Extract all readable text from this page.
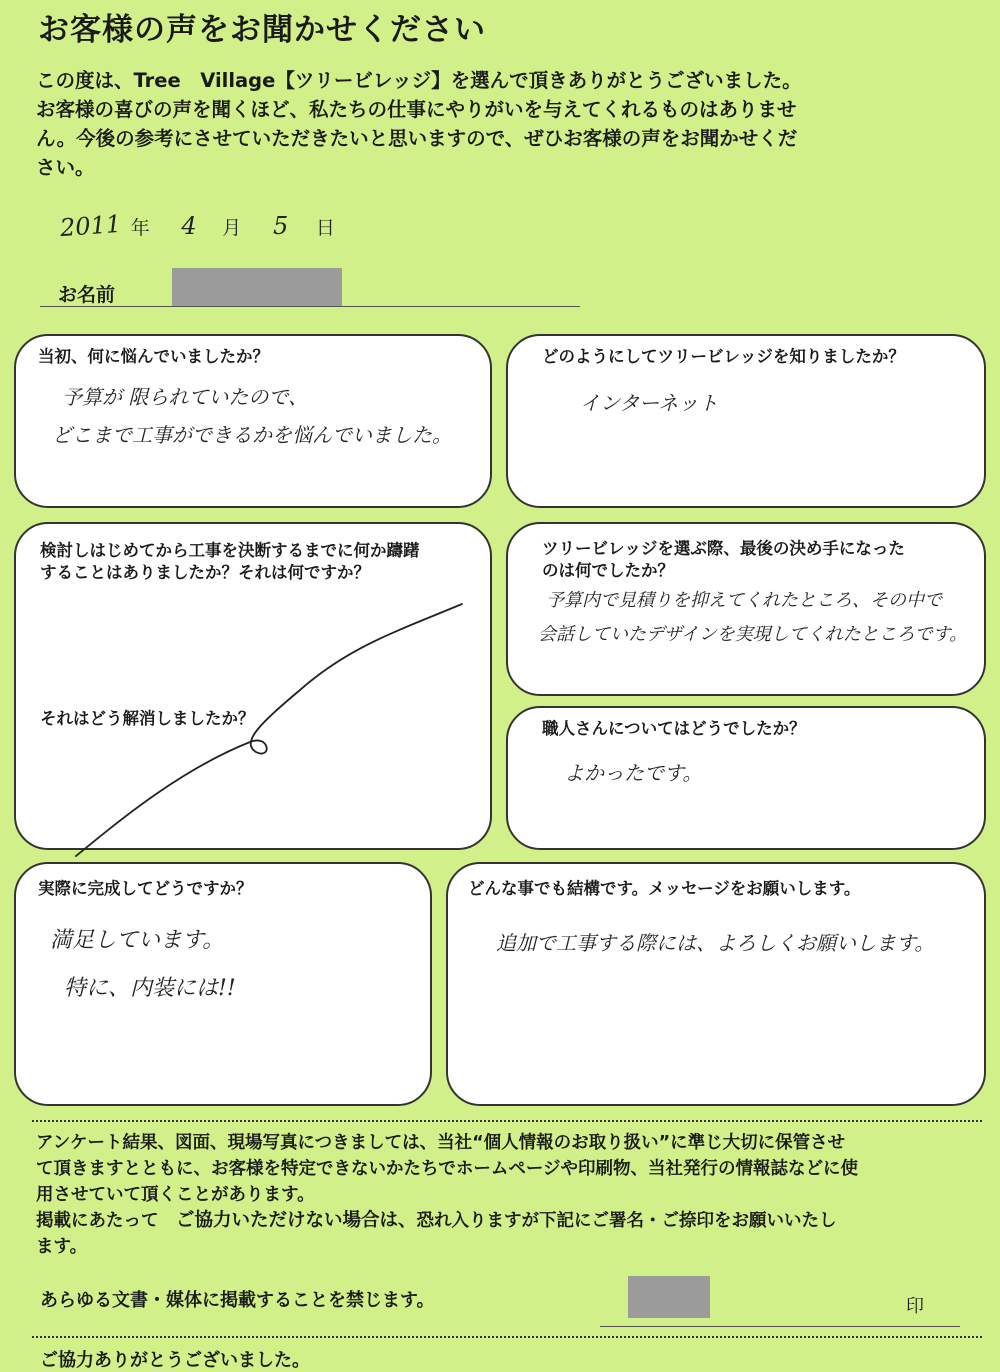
お客様の声をお聞かせください

この度は、Tree　Village【ツリービレッジ】を選んで頂きありがとうございました。

お客様の喜びの声を聞くほど、私たちの仕事にやりがいを与えてくれるものはありませ

ん。今後の参考にさせていただきたいと思いますので、ぜひお客様の声をお聞かせくだ

さい。

2011 年 4 月 5 日
お名前
当初、何に悩んでいましたか？
予算が 限られていたので、
どこまで工事ができるかを悩んでいました。
どのようにしてツリービレッジを知りましたか？
インターネット
検討しはじめてから工事を決断するまでに何か躊躇
することはありましたか？それは何ですか？
それはどう解消しましたか？
ツリービレッジを選ぶ際、最後の決め手になった
のは何でしたか？
予算内で見積りを抑えてくれたところ、その中で
会話していたデザインを実現してくれたところです。
職人さんについてはどうでしたか？
よかったです。
実際に完成してどうですか？
満足しています。
特に、内装には!!
どんな事でも結構です。メッセージをお願いします。
追加で工事する際には、よろしくお願いします。

アンケート結果、図面、現場写真につきましては、当社“個人情報のお取り扱い”に準じ大切に保管させ

て頂きますとともに、お客様を特定できないかたちでホームページや印刷物、当社発行の情報誌などに使

用させていて頂くことがあります。

掲載にあたって　ご協力いただけない場合は、恐れ入りますが下記にご署名・ご捺印をお願いいたし

ます。

あらゆる文書・媒体に掲載することを禁じます。	印
ご協力ありがとうございました。
